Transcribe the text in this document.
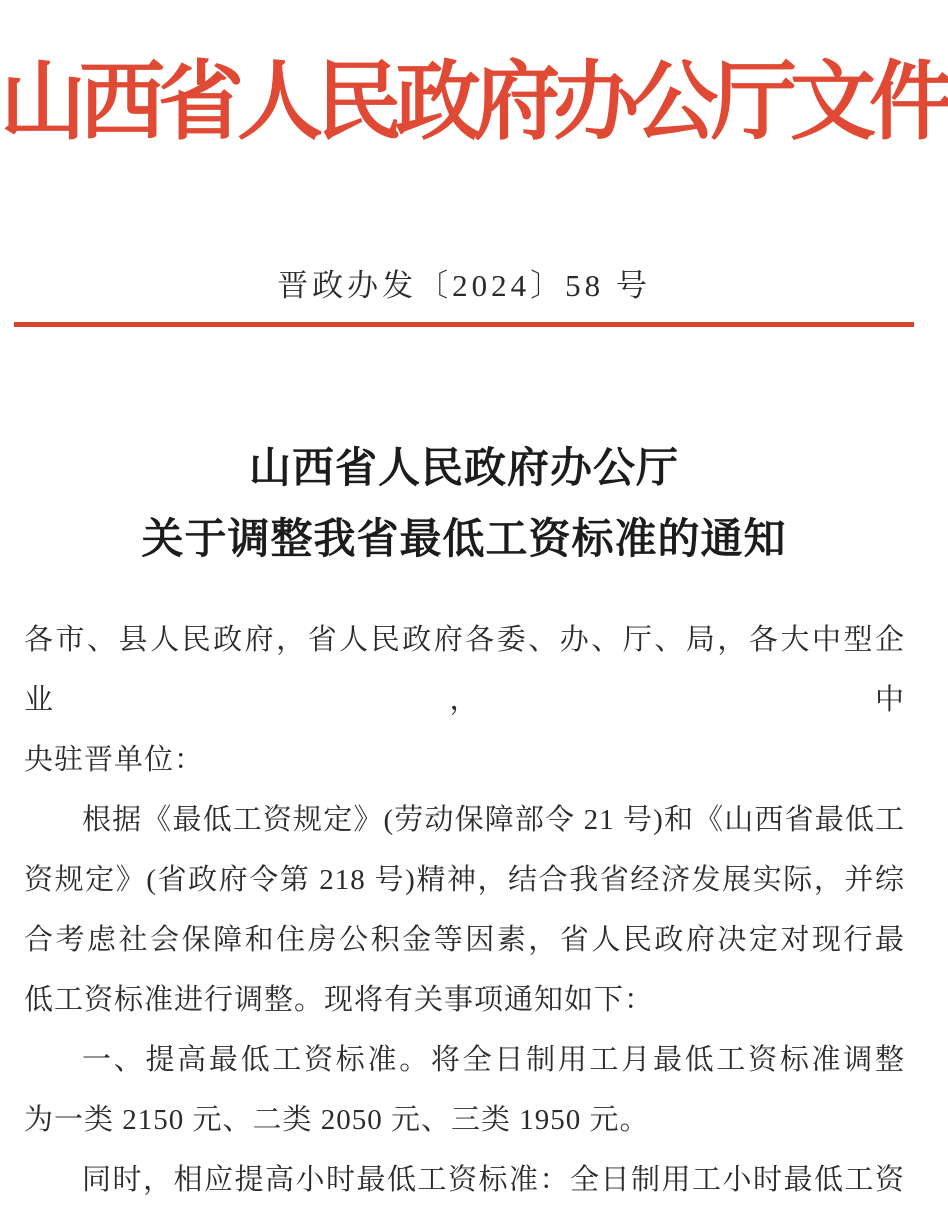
山西省人民政府办公厅文件
晋政办发〔2024〕58 号
山西省人民政府办公厅
关于调整我省最低工资标准的通知
各市、县人民政府，省人民政府各委、办、厅、局，各大中型企业，中
央驻晋单位：
根据《最低工资规定》(劳动保障部令 21 号)和《山西省最低工
资规定》(省政府令第 218 号)精神，结合我省经济发展实际，并综
合考虑社会保障和住房公积金等因素，省人民政府决定对现行最
低工资标准进行调整。现将有关事项通知如下：
一、提高最低工资标准。将全日制用工月最低工资标准调整
为一类 2150 元、二类 2050 元、三类 1950 元。
同时，相应提高小时最低工资标准：全日制用工小时最低工资
